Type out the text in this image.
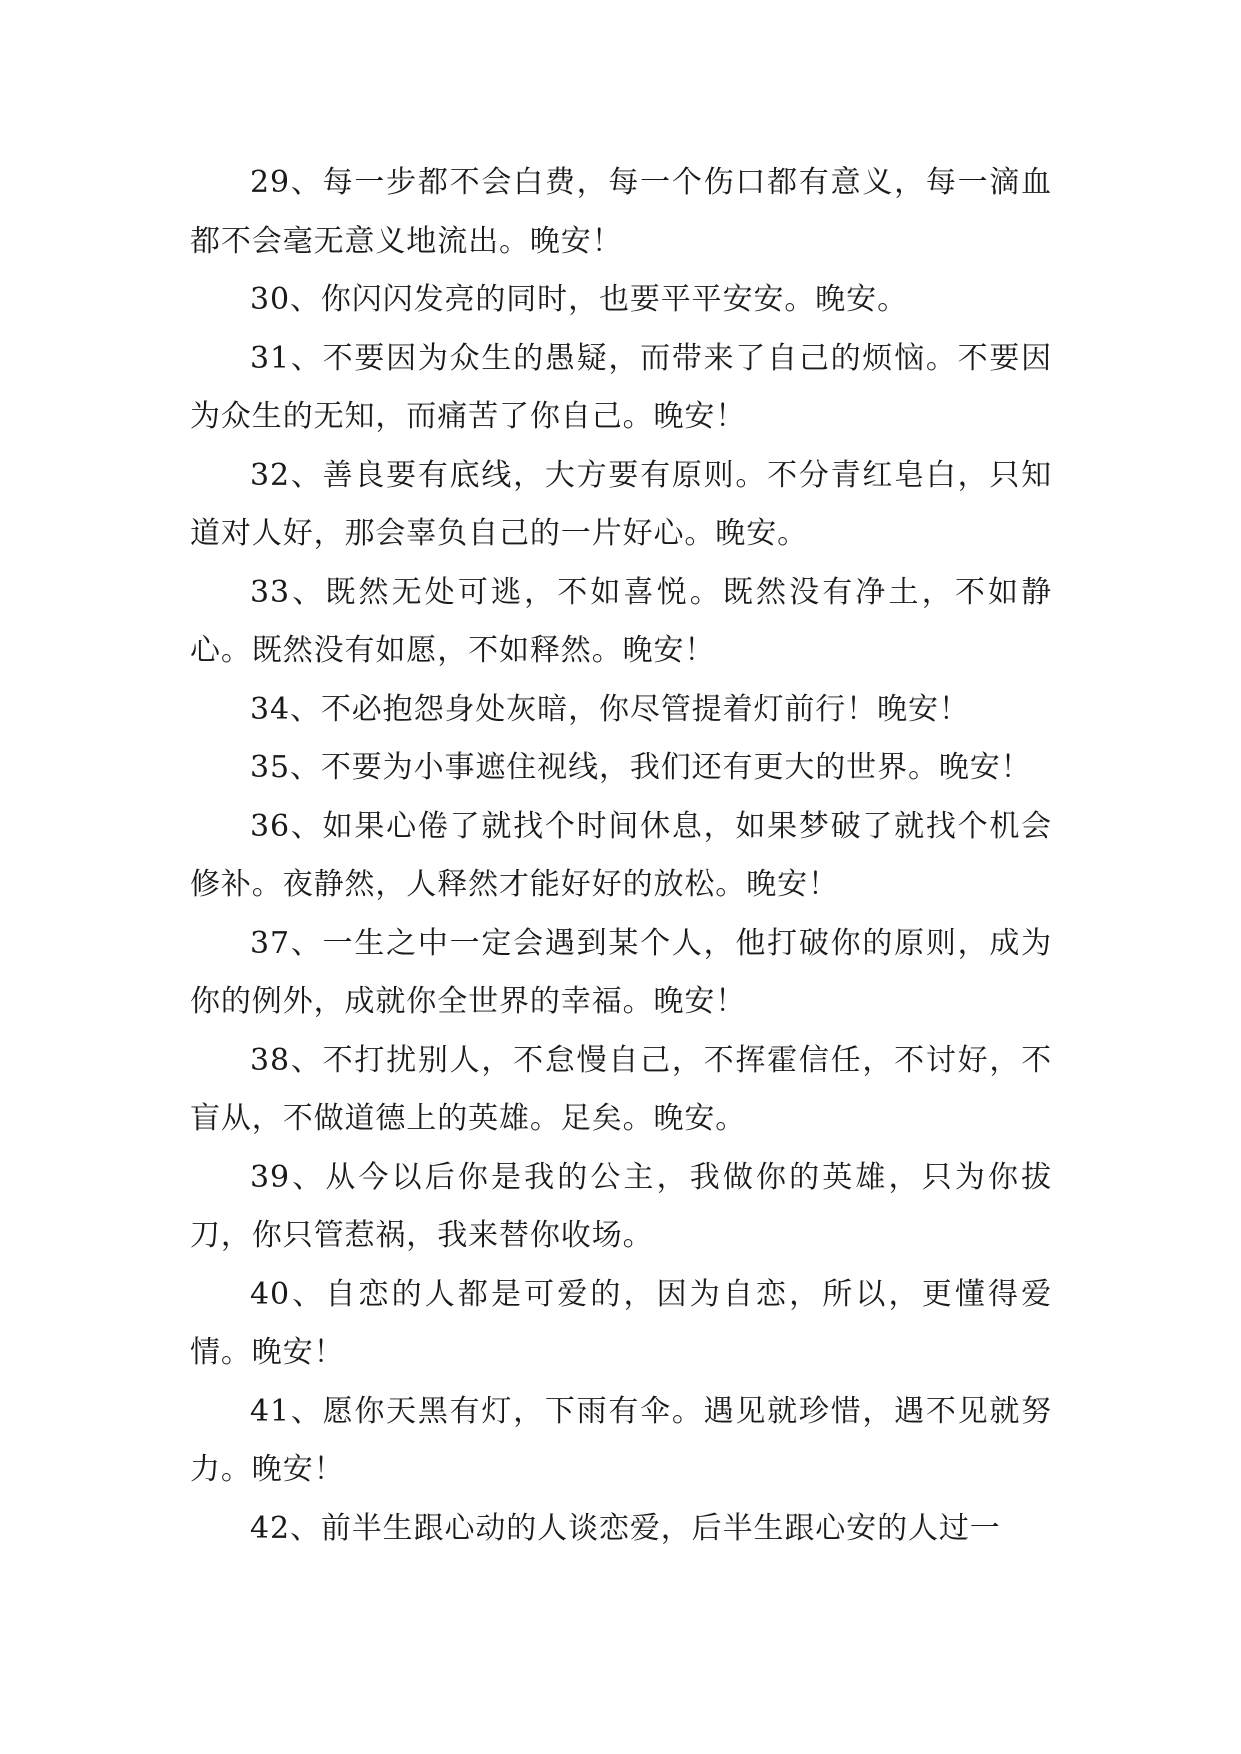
29、每一步都不会白费，每一个伤口都有意义，每一滴血都不会毫无意义地流出。晚安！

30、你闪闪发亮的同时，也要平平安安。晚安。

31、不要因为众生的愚疑，而带来了自己的烦恼。不要因为众生的无知，而痛苦了你自己。晚安！

32、善良要有底线，大方要有原则。不分青红皂白，只知道对人好，那会辜负自己的一片好心。晚安。

33、既然无处可逃，不如喜悦。既然没有净土，不如静心。既然没有如愿，不如释然。晚安！

34、不必抱怨身处灰暗，你尽管提着灯前行！晚安！

35、不要为小事遮住视线，我们还有更大的世界。晚安！

36、如果心倦了就找个时间休息，如果梦破了就找个机会修补。夜静然，人释然才能好好的放松。晚安！

37、一生之中一定会遇到某个人，他打破你的原则，成为你的例外，成就你全世界的幸福。晚安！

38、不打扰别人，不怠慢自己，不挥霍信任，不讨好，不盲从，不做道德上的英雄。足矣。晚安。

39、从今以后你是我的公主，我做你的英雄，只为你拔刀，你只管惹祸，我来替你收场。

40、自恋的人都是可爱的，因为自恋，所以，更懂得爱情。晚安！

41、愿你天黑有灯，下雨有伞。遇见就珍惜，遇不见就努力。晚安！

42、前半生跟心动的人谈恋爱，后半生跟心安的人过一
